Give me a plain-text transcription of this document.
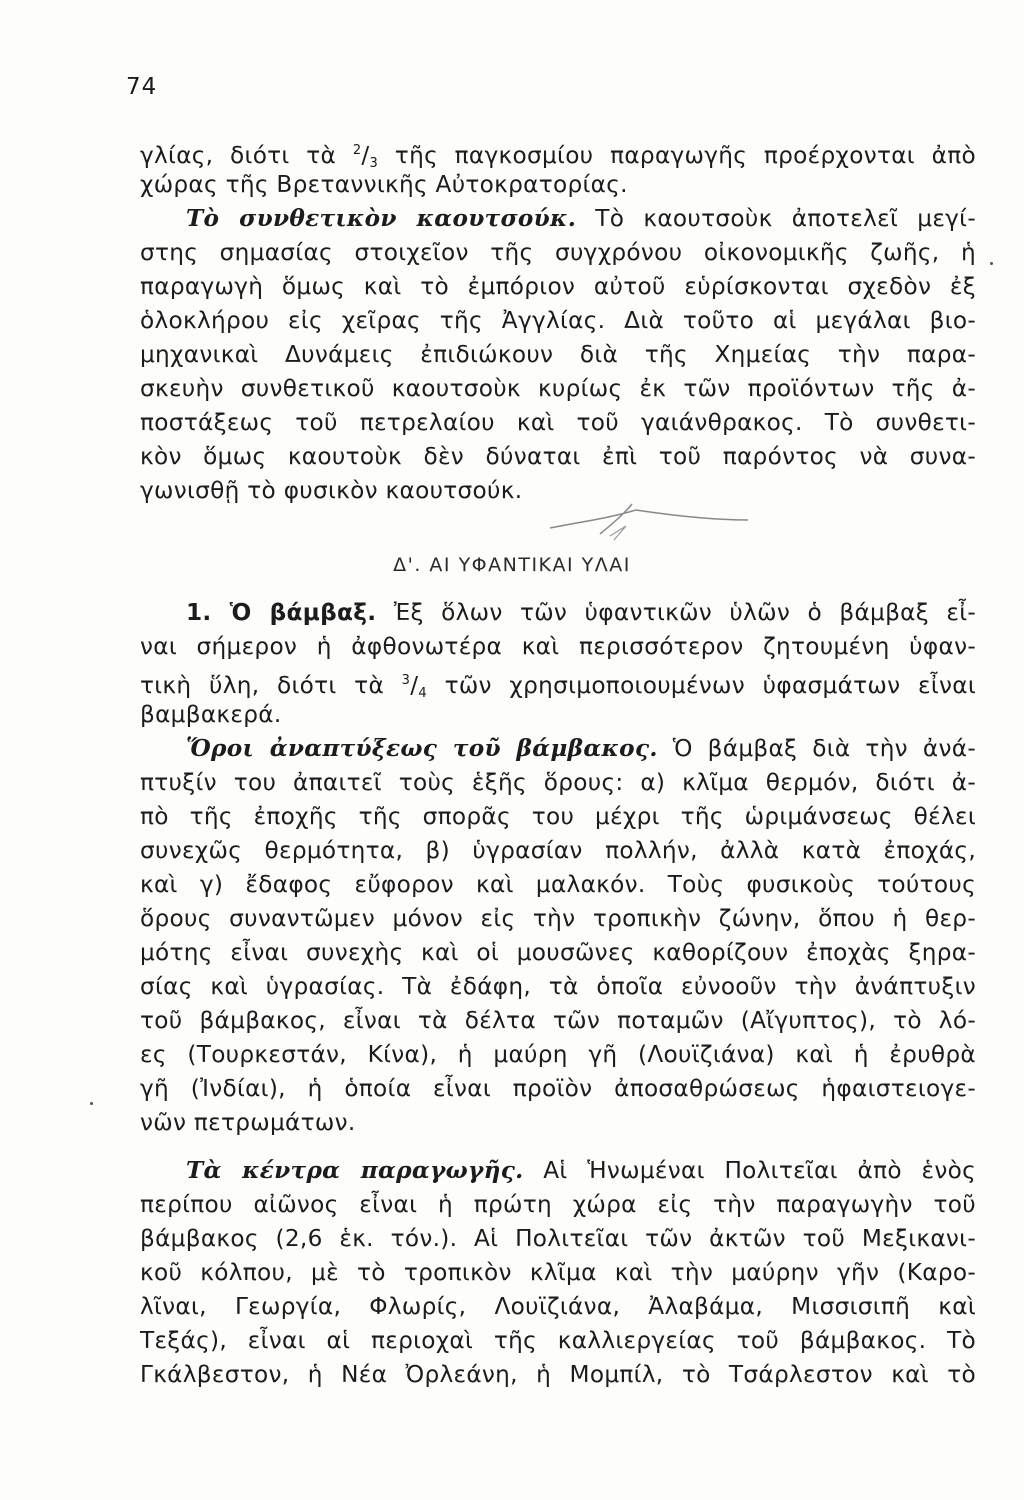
74
γλίας, διότι τὰ $^2/_3$ τῆς παγκοσμίου παραγωγῆς προέρχονται ἀπὸ
χώρας τῆς Βρεταννικῆς Αὐτοκρατορίας.
Τὸ συνθετικὸν καουτσούκ. Τὸ καουτσοὺκ ἀποτελεῖ μεγί-
στης σημασίας στοιχεῖον τῆς συγχρόνου οἰκονομικῆς ζωῆς, ἡ
παραγωγὴ ὅμως καὶ τὸ ἐμπόριον αὐτοῦ εὑρίσκονται σχεδὸν ἐξ
ὁλοκλήρου εἰς χεῖρας τῆς Ἀγγλίας. Διὰ τοῦτο αἱ μεγάλαι βιο-
μηχανικαὶ Δυνάμεις ἐπιδιώκουν διὰ τῆς Χημείας τὴν παρα-
σκευὴν συνθετικοῦ καουτσοὺκ κυρίως ἐκ τῶν προϊόντων τῆς ἀ-
ποστάξεως τοῦ πετρελαίου καὶ τοῦ γαιάνθρακος. Τὸ συνθετι-
κὸν ὅμως καουτοὺκ δὲν δύναται ἐπὶ τοῦ παρόντος νὰ συνα-
γωνισθῇ τὸ φυσικὸν καουτσούκ.
Δ'. ΑΙ ΥΦΑΝΤΙΚΑΙ ΥΛΑΙ
1. Ὁ βάμβαξ. Ἐξ ὅλων τῶν ὑφαντικῶν ὑλῶν ὁ βάμβαξ εἶ-
ναι σήμερον ἡ ἀφθονωτέρα καὶ περισσότερον ζητουμένη ὑφαν-
τικὴ ὕλη, διότι τὰ $^3/_4$ τῶν χρησιμοποιουμένων ὑφασμάτων εἶναι
βαμβακερά.
Ὅροι ἀναπτύξεως τοῦ βάμβακος. Ὁ βάμβαξ διὰ τὴν ἀνά-
πτυξίν του ἀπαιτεῖ τοὺς ἑξῆς ὅρους: α) κλῖμα θερμόν, διότι ἀ-
πὸ τῆς ἐποχῆς τῆς σπορᾶς του μέχρι τῆς ὡριμάνσεως θέλει
συνεχῶς θερμότητα, β) ὑγρασίαν πολλήν, ἀλλὰ κατὰ ἐποχάς,
καὶ γ) ἔδαφος εὔφορον καὶ μαλακόν. Τοὺς φυσικοὺς τούτους
ὅρους συναντῶμεν μόνον εἰς τὴν τροπικὴν ζώνην, ὅπου ἡ θερ-
μότης εἶναι συνεχὴς καὶ οἱ μουσῶνες καθορίζουν ἐποχὰς ξηρα-
σίας καὶ ὑγρασίας. Τὰ ἐδάφη, τὰ ὁποῖα εὐνοοῦν τὴν ἀνάπτυξιν
τοῦ βάμβακος, εἶναι τὰ δέλτα τῶν ποταμῶν (Αἴγυπτος), τὸ λό-
ες (Τουρκεστάν, Κίνα), ἡ μαύρη γῆ (Λουϊζιάνα) καὶ ἡ ἐρυθρὰ
γῆ (Ἰνδίαι), ἡ ὁποία εἶναι προϊὸν ἀποσαθρώσεως ἡφαιστειογε-
νῶν πετρωμάτων.
Τὰ κέντρα παραγωγῆς. Αἱ Ἡνωμέναι Πολιτεῖαι ἀπὸ ἑνὸς
περίπου αἰῶνος εἶναι ἡ πρώτη χώρα εἰς τὴν παραγωγὴν τοῦ
βάμβακος (2,6 ἑκ. τόν.). Αἱ Πολιτεῖαι τῶν ἀκτῶν τοῦ Μεξικανι-
κοῦ κόλπου, μὲ τὸ τροπικὸν κλῖμα καὶ τὴν μαύρην γῆν (Καρο-
λῖναι, Γεωργία, Φλωρίς, Λουϊζιάνα, Ἀλαβάμα, Μισσισιπῆ καὶ
Τεξάς), εἶναι αἱ περιοχαὶ τῆς καλλιεργείας τοῦ βάμβακος. Τὸ
Γκάλβεστον, ἡ Νέα Ὀρλεάνη, ἡ Μομπίλ, τὸ Τσάρλεστον καὶ τὸ
